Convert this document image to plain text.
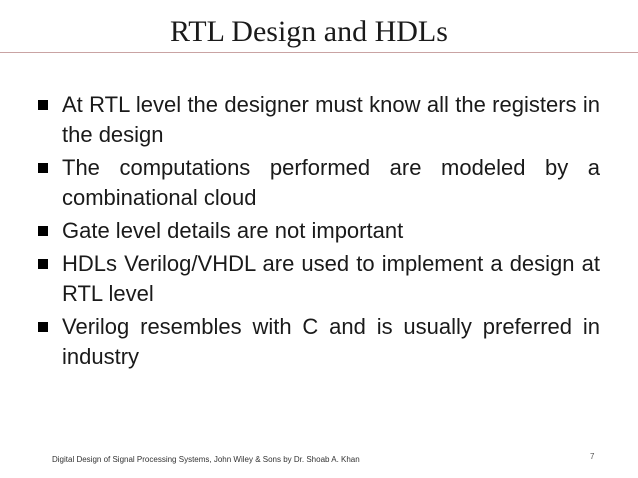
RTL Design and HDLs
At RTL level the designer must know all the registers in the design
The computations performed are modeled by a combinational cloud
Gate level details are not important
HDLs Verilog/VHDL are used to implement a design at RTL level
Verilog resembles with C and is usually preferred in industry
Digital Design of Signal Processing Systems, John Wiley & Sons by Dr. Shoab A. Khan	7
